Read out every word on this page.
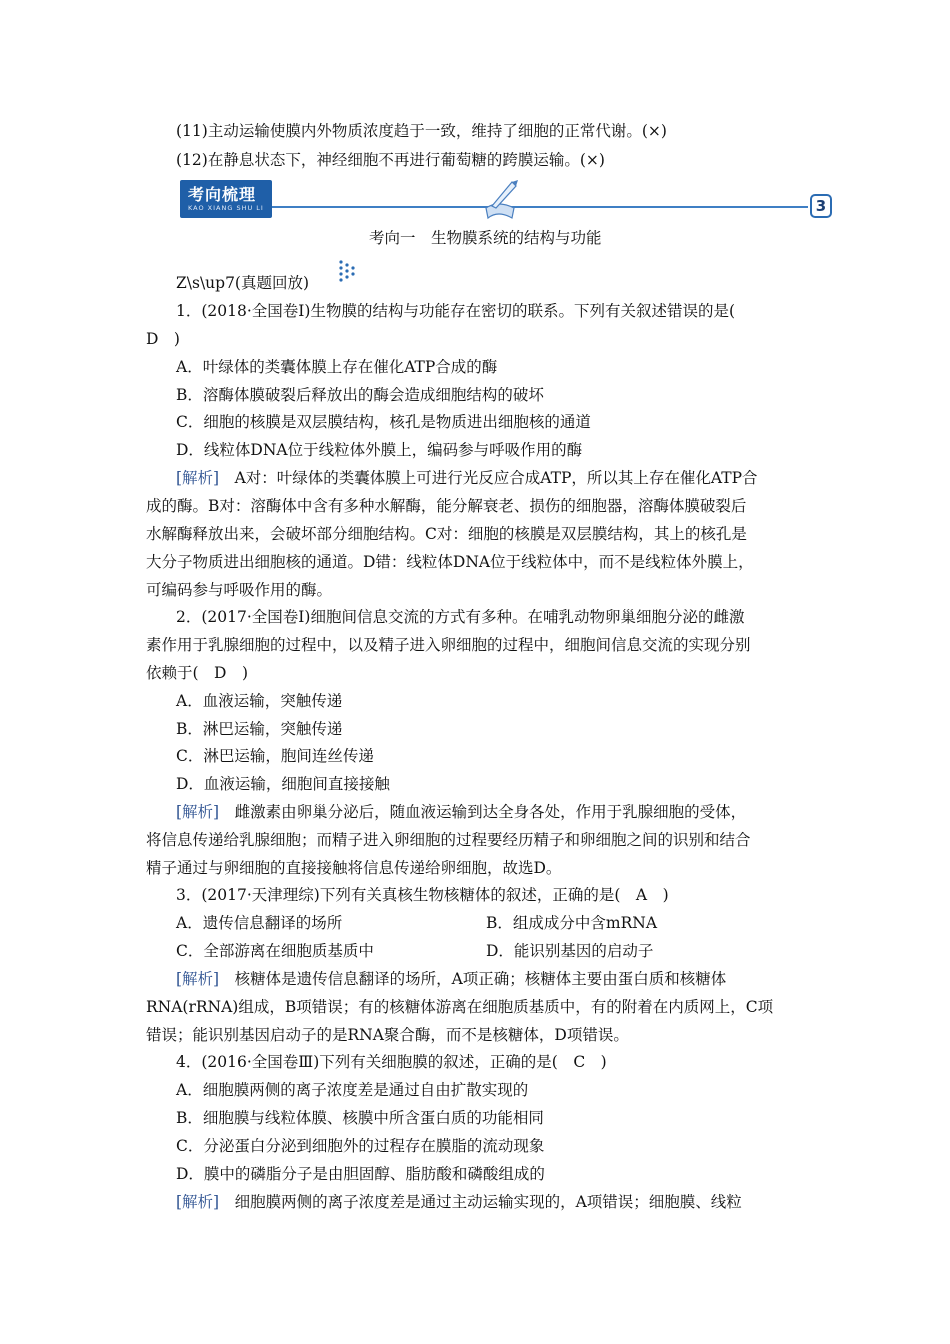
(11)主动运输使膜内外物质浓度趋于一致，维持了细胞的正常代谢。(×)
(12)在静息状态下，神经细胞不再进行葡萄糖的跨膜运输。(×)
考向梳理
KAO XIANG SHU LI	3
考向一　生物膜系统的结构与功能
Z\s\up7(真题回放)
1．(2018·全国卷Ⅰ)生物膜的结构与功能存在密切的联系。下列有关叙述错误的是(
D　)
A．叶绿体的类囊体膜上存在催化ATP合成的酶
B．溶酶体膜破裂后释放出的酶会造成细胞结构的破坏
C．细胞的核膜是双层膜结构，核孔是物质进出细胞核的通道
D．线粒体DNA位于线粒体外膜上，编码参与呼吸作用的酶
[解析]　A对：叶绿体的类囊体膜上可进行光反应合成ATP，所以其上存在催化ATP合
成的酶。B对：溶酶体中含有多种水解酶，能分解衰老、损伤的细胞器，溶酶体膜破裂后
水解酶释放出来，会破坏部分细胞结构。C对：细胞的核膜是双层膜结构，其上的核孔是
大分子物质进出细胞核的通道。D错：线粒体DNA位于线粒体中，而不是线粒体外膜上，
可编码参与呼吸作用的酶。
2．(2017·全国卷Ⅰ)细胞间信息交流的方式有多种。在哺乳动物卵巢细胞分泌的雌激
素作用于乳腺细胞的过程中，以及精子进入卵细胞的过程中，细胞间信息交流的实现分别
依赖于(　D　)
A．血液运输，突触传递
B．淋巴运输，突触传递
C．淋巴运输，胞间连丝传递
D．血液运输，细胞间直接接触
[解析]　雌激素由卵巢分泌后，随血液运输到达全身各处，作用于乳腺细胞的受体，
将信息传递给乳腺细胞；而精子进入卵细胞的过程要经历精子和卵细胞之间的识别和结合
精子通过与卵细胞的直接接触将信息传递给卵细胞，故选D。
3．(2017·天津理综)下列有关真核生物核糖体的叙述，正确的是(　A　)
A．遗传信息翻译的场所	B．组成成分中含mRNA
C．全部游离在细胞质基质中	D．能识别基因的启动子
[解析]　核糖体是遗传信息翻译的场所，A项正确；核糖体主要由蛋白质和核糖体
RNA(rRNA)组成，B项错误；有的核糖体游离在细胞质基质中，有的附着在内质网上，C项
错误；能识别基因启动子的是RNA聚合酶，而不是核糖体，D项错误。
4．(2016·全国卷Ⅲ)下列有关细胞膜的叙述，正确的是(　C　)
A．细胞膜两侧的离子浓度差是通过自由扩散实现的
B．细胞膜与线粒体膜、核膜中所含蛋白质的功能相同
C．分泌蛋白分泌到细胞外的过程存在膜脂的流动现象
D．膜中的磷脂分子是由胆固醇、脂肪酸和磷酸组成的
[解析]　细胞膜两侧的离子浓度差是通过主动运输实现的，A项错误；细胞膜、线粒
